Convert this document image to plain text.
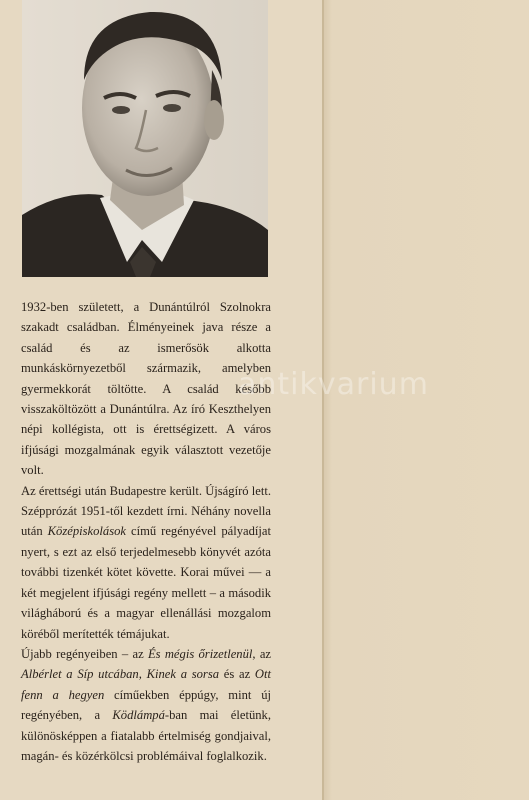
1932-ben született, a Dunántúlról Szolnokra szakadt családban. Élményeinek java része a család és az ismerősök alkotta munkáskörnyezetből származik, amelyben gyermekkorát töltötte. A család később visszaköltözött a Dunántúlra. Az író Keszthelyen népi kollégista, ott is érettségizett. A város ifjúsági mozgalmának egyik választott vezetője volt.

Az érettségi után Budapestre került. Újságíró lett. Szépprózát 1951-től kezdett írni. Néhány novella után Középiskolások című regényével pályadíjat nyert, s ezt az első terjedelmesebb könyvét azóta további tizenkét kötet követte. Korai művei — a két megjelent ifjúsági regény mellett – a második világháború és a magyar ellenállási mozgalom köréből merítették témájukat.

Újabb regényeiben – az És mégis őrizetlenül, az Albérlet a Síp utcában, Kinek a sorsa és az Ott fenn a hegyen címűekben éppúgy, mint új regényében, a Ködlámpá-ban mai életünk, különösképpen a fiatalabb értelmiség gondjaival, magán- és közérkölcsi problémáival foglalkozik.

antikvarium
